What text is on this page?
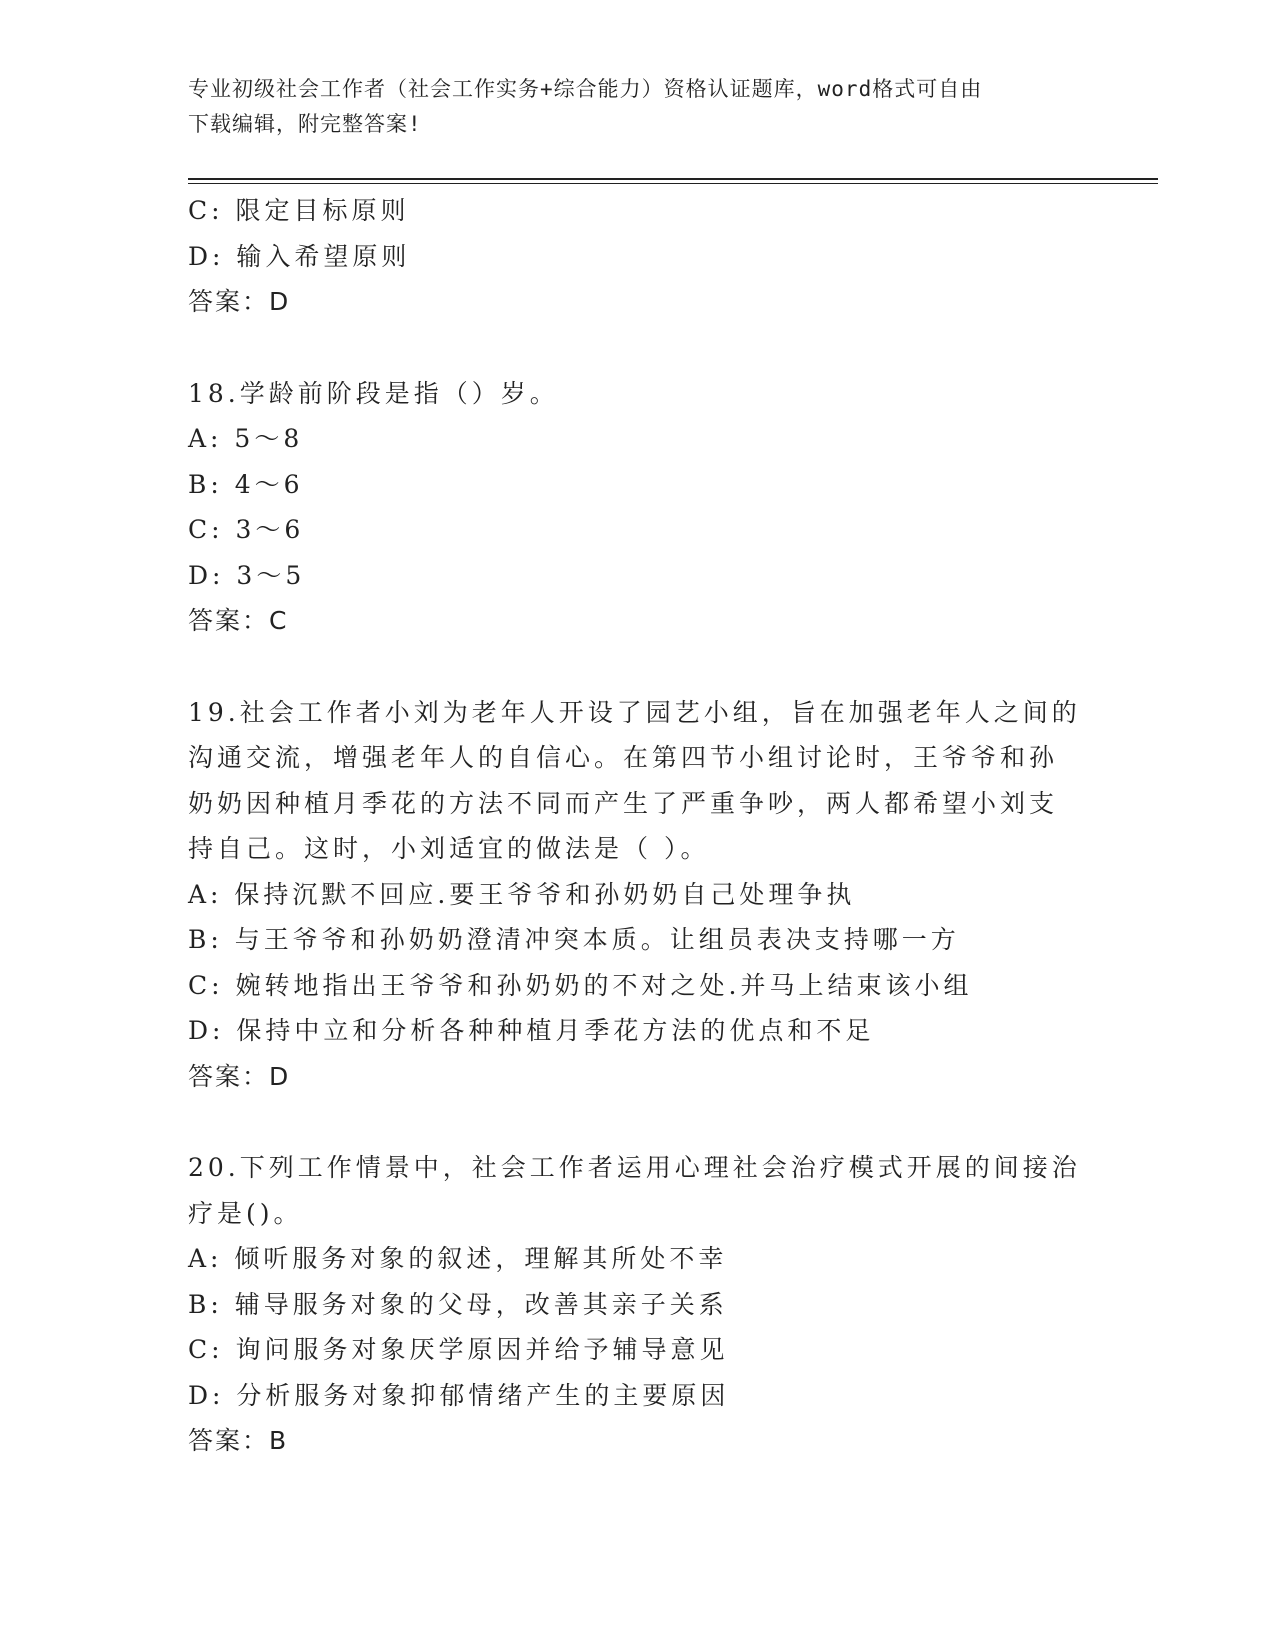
专业初级社会工作者（社会工作实务+综合能力）资格认证题库，word格式可自由
下载编辑，附完整答案!
C: 限定目标原则
D: 输入希望原则
答案：D
18.学龄前阶段是指（）岁。
A: 5～8
B: 4～6
C: 3～6
D: 3～5
答案：C
19.社会工作者小刘为老年人开设了园艺小组，旨在加强老年人之间的
沟通交流，增强老年人的自信心。在第四节小组讨论时，王爷爷和孙
奶奶因种植月季花的方法不同而产生了严重争吵，两人都希望小刘支
持自己。这时，小刘适宜的做法是（ ）。
A: 保持沉默不回应.要王爷爷和孙奶奶自己处理争执
B: 与王爷爷和孙奶奶澄清冲突本质。让组员表决支持哪一方
C: 婉转地指出王爷爷和孙奶奶的不对之处.并马上结束该小组
D: 保持中立和分析各种种植月季花方法的优点和不足
答案：D
20.下列工作情景中，社会工作者运用心理社会治疗模式开展的间接治
疗是()。
A: 倾听服务对象的叙述，理解其所处不幸
B: 辅导服务对象的父母，改善其亲子关系
C: 询问服务对象厌学原因并给予辅导意见
D: 分析服务对象抑郁情绪产生的主要原因
答案：B
